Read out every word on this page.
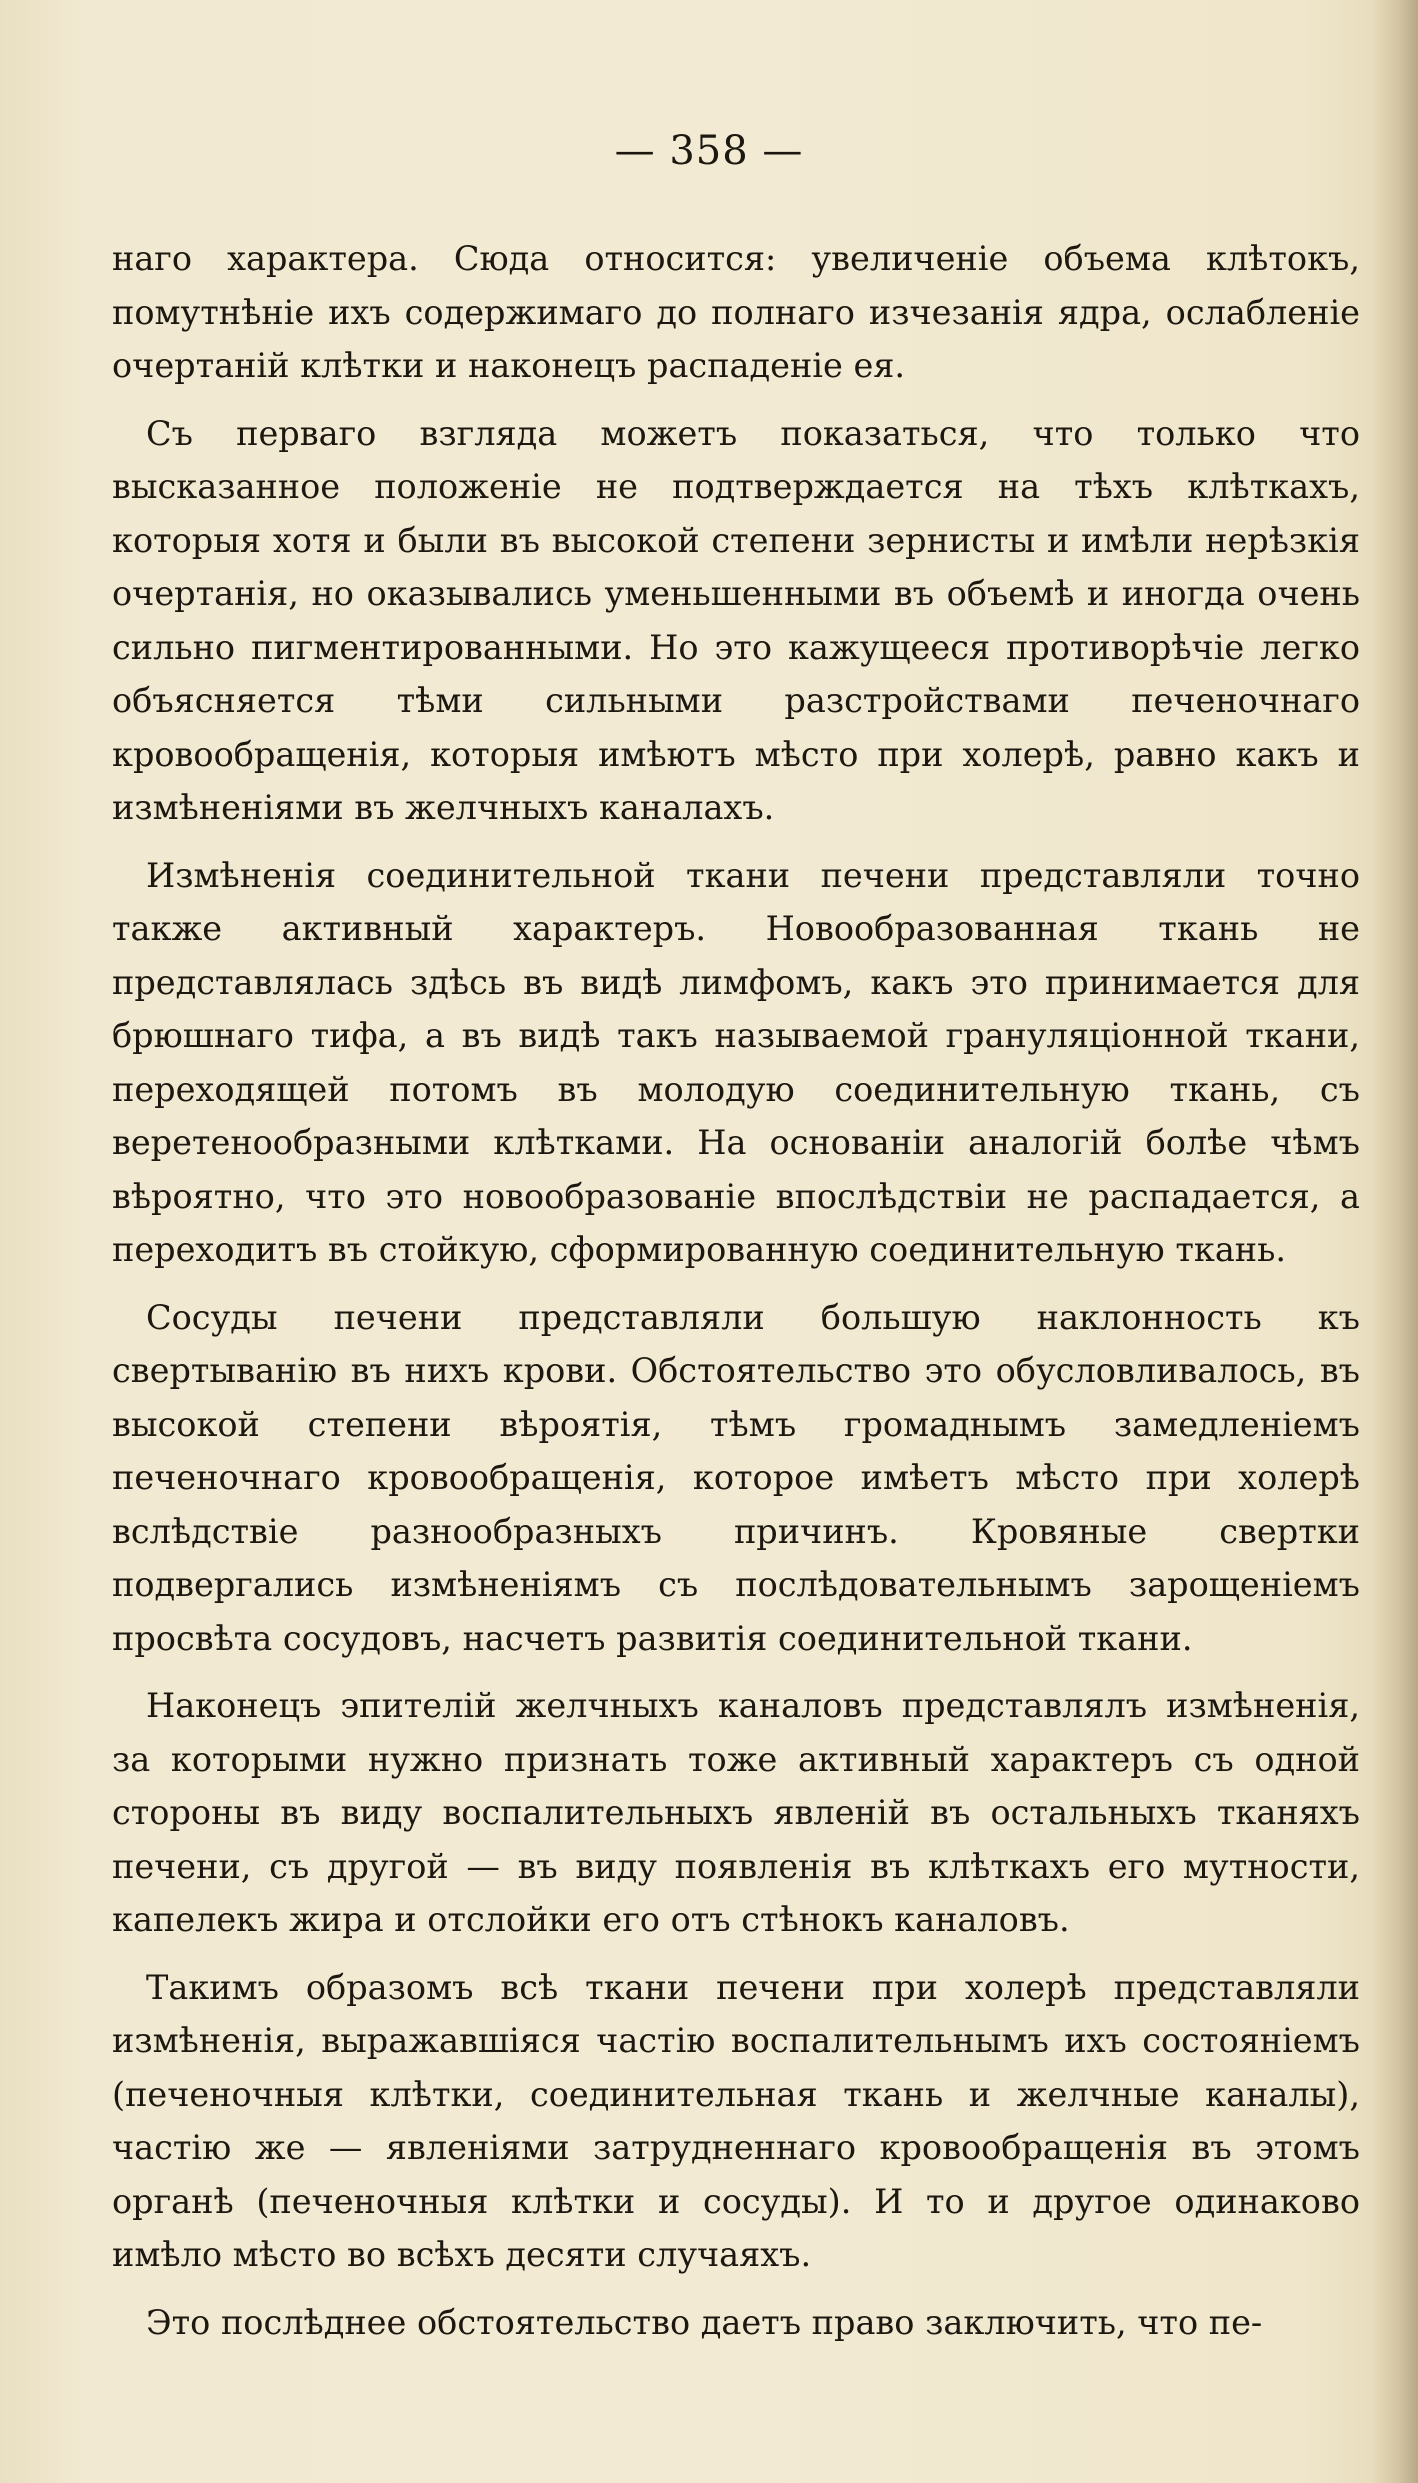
— 358 —

наго характера. Сюда относится: увеличеніе объема клѣтокъ, помутнѣніе ихъ содержимаго до полнаго изчезанія ядра, ослабленіе очертаній клѣтки и наконецъ распаденіе ея.

Съ перваго взгляда можетъ показаться, что только что высказанное положеніе не подтверждается на тѣхъ клѣткахъ, которыя хотя и были въ высокой степени зернисты и имѣли нерѣзкія очертанія, но оказывались уменьшенными въ объемѣ и иногда очень сильно пигментированными. Но это кажущееся противорѣчіе легко объясняется тѣми сильными разстройствами печеночнаго кровообращенія, которыя имѣютъ мѣсто при холерѣ, равно какъ и измѣненіями въ желчныхъ каналахъ.

Измѣненія соединительной ткани печени представляли точно также активный характеръ. Новообразованная ткань не представлялась здѣсь въ видѣ лимфомъ, какъ это принимается для брюшнаго тифа, а въ видѣ такъ называемой грануляціонной ткани, переходящей потомъ въ молодую соединительную ткань, съ веретенообразными клѣтками. На основаніи аналогій болѣе чѣмъ вѣроятно, что это новообразованіе впослѣдствіи не распадается, а переходитъ въ стойкую, сформированную соединительную ткань.

Сосуды печени представляли большую наклонность къ свертыванію въ нихъ крови. Обстоятельство это обусловливалось, въ высокой степени вѣроятія, тѣмъ громаднымъ замедленіемъ печеночнаго кровообращенія, которое имѣетъ мѣсто при холерѣ вслѣдствіе разнообразныхъ причинъ. Кровяные свертки подвергались измѣненіямъ съ послѣдовательнымъ зарощеніемъ просвѣта сосудовъ, насчетъ развитія соединительной ткани.

Наконецъ эпителій желчныхъ каналовъ представлялъ измѣненія, за которыми нужно признать тоже активный характеръ съ одной стороны въ виду воспалительныхъ явленій въ остальныхъ тканяхъ печени, съ другой — въ виду появленія въ клѣткахъ его мутности, капелекъ жира и отслойки его отъ стѣнокъ каналовъ.

Такимъ образомъ всѣ ткани печени при холерѣ представляли измѣненія, выражавшіяся частію воспалительнымъ ихъ состояніемъ (печеночныя клѣтки, соединительная ткань и желчные каналы), частію же — явленіями затрудненнаго кровообращенія въ этомъ органѣ (печеночныя клѣтки и сосуды). И то и другое одинаково имѣло мѣсто во всѣхъ десяти случаяхъ.

Это послѣднее обстоятельство даетъ право заключить, что пе-
